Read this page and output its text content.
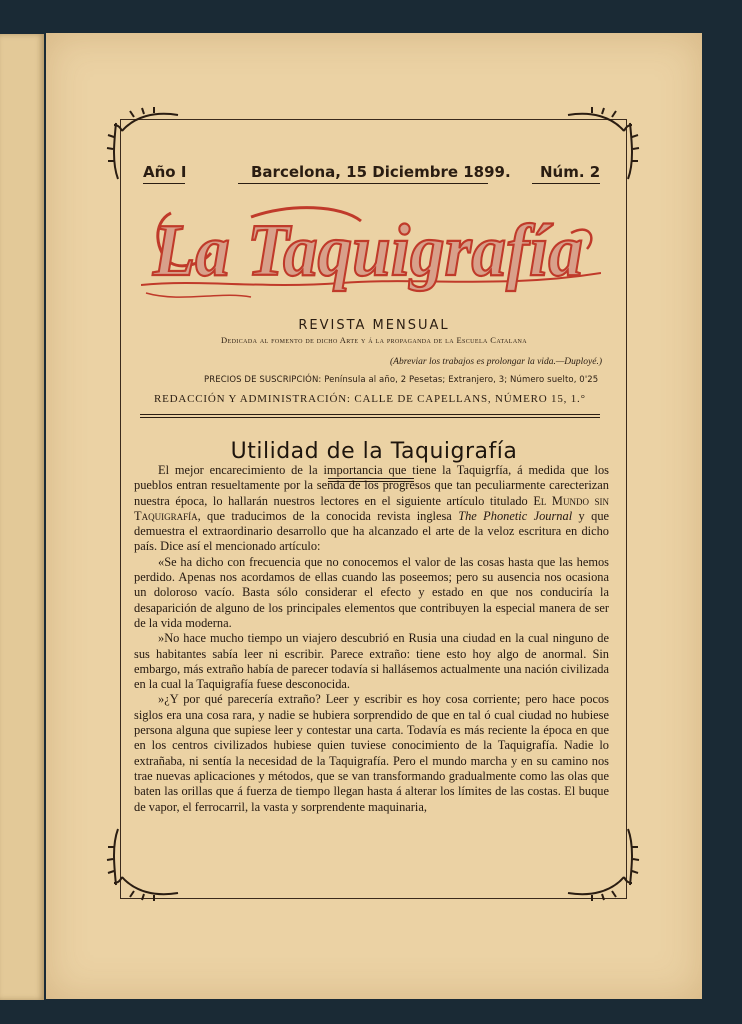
Año I	Barcelona, 15 Diciembre 1899. Núm. 2
La Taquigrafía
REVISTA MENSUAL
Dedicada al fomento de dicho Arte y á la propaganda de la Escuela Catalana
(Abreviar los trabajos es prolongar la vida.—Duployé.)
PRECIOS DE SUSCRIPCIÓN: Península al año, 2 Pesetas; Extranjero, 3; Número suelto, 0'25
REDACCIÓN Y ADMINISTRACIÓN: CALLE DE CAPELLANS, NÚMERO 15, 1.°
Utilidad de la Taquigrafía

El mejor encarecimiento de la importancia que tiene la Taquigrfía, á medida que los pueblos entran resueltamente por la senda de los progresos que tan peculiarmente carecterizan nuestra época, lo hallarán nuestros lectores en el siguiente artículo titulado El Mundo sin Taquigrafía, que traducimos de la conocida revista inglesa The Phonetic Journal y que demuestra el extraordinario desarrollo que ha alcanzado el arte de la veloz escritura en dicho país. Dice así el mencionado artículo:

«Se ha dicho con frecuencia que no conocemos el valor de las cosas hasta que las hemos perdido. Apenas nos acordamos de ellas cuando las poseemos; pero su ausencia nos ocasiona un doloroso vacío. Basta sólo considerar el efecto y estado en que nos conduciría la desaparición de alguno de los principales elementos que contribuyen la especial manera de ser de la vida moderna.

»No hace mucho tiempo un viajero descubrió en Rusia una ciudad en la cual ninguno de sus habitantes sabía leer ni escribir. Parece extraño: tiene esto hoy algo de anormal. Sin embargo, más extraño había de parecer todavía si hallásemos actualmente una nación civilizada en la cual la Taquigrafía fuese desconocida.

»¿Y por qué parecería extraño? Leer y escribir es hoy cosa corriente; pero hace pocos siglos era una cosa rara, y nadie se hubiera sorprendido de que en tal ó cual ciudad no hubiese persona alguna que supiese leer y contestar una carta. Todavía es más reciente la época en que en los centros civilizados hubiese quien tuviese conocimiento de la Taquigrafía. Nadie lo extrañaba, ni sentía la necesidad de la Taquigrafía. Pero el mundo marcha y en su camino nos trae nuevas aplicaciones y métodos, que se van transformando gradualmente como las olas que baten las orillas que á fuerza de tiempo llegan hasta á alterar los límites de las costas. El buque de vapor, el ferrocarril, la vasta y sorprendente maquinaria,
